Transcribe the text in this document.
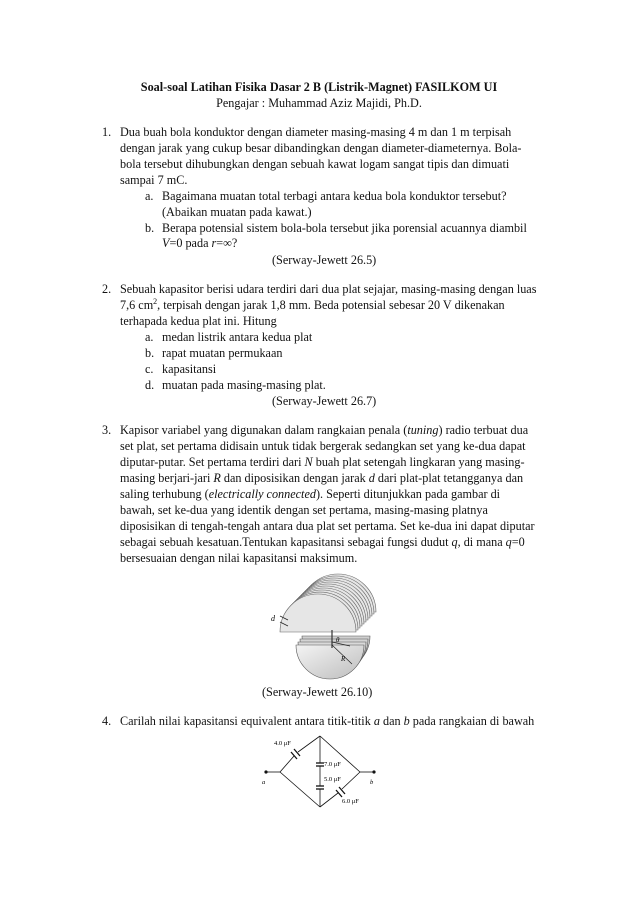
Soal-soal Latihan Fisika Dasar 2 B (Listrik-Magnet) FASILKOM UI
Pengajar : Muhammad Aziz Majidi, Ph.D.
1. Dua buah bola konduktor dengan diameter masing-masing 4 m dan 1 m terpisah
dengan jarak yang cukup besar dibandingkan dengan diameter-diameternya. Bola-
bola tersebut dihubungkan dengan sebuah kawat logam sangat tipis dan dimuati
sampai 7 mC.
a. Bagaimana muatan total terbagi antara kedua bola konduktor tersebut?
(Abaikan muatan pada kawat.)
b. Berapa potensial sistem bola-bola tersebut jika porensial acuannya diambil
V=0 pada r=∞?
(Serway-Jewett 26.5)
2. Sebuah kapasitor berisi udara terdiri dari dua plat sejajar, masing-masing dengan luas
7,6 $cm^2$, terpisah dengan jarak 1,8 mm. Beda potensial sebesar 20 V dikenakan
terhapada kedua plat ini. Hitung
a. medan listrik antara kedua plat
b. rapat muatan permukaan
c. kapasitansi
d. muatan pada masing-masing plat.
(Serway-Jewett 26.7)
3. Kapisor variabel yang digunakan dalam rangkaian penala (tuning) radio terbuat dua
set plat, set pertama didisain untuk tidak bergerak sedangkan set yang ke-dua dapat
diputar-putar. Set pertama terdiri dari N buah plat setengah lingkaran yang masing-
masing berjari-jari R dan diposisikan dengan jarak d dari plat-plat tetangganya dan
saling terhubung (electrically connected). Seperti ditunjukkan pada gambar di
bawah, set ke-dua yang identik dengan set pertama, masing-masing platnya
diposisikan di tengah-tengah antara dua plat set pertama. Set ke-dua ini dapat diputar
sebagai sebuah kesatuan.Tentukan kapasitansi sebagai fungsi dudut q, di mana q=0
bersesuaian dengan nilai kapasitansi maksimum.
d
θ
R
(Serway-Jewett 26.10)
4. Carilah nilai kapasitansi equivalent antara titik-titik a dan b pada rangkaian di bawah
4.0 μF
7.0 μF
5.0 μF
6.0 μF
a	b
